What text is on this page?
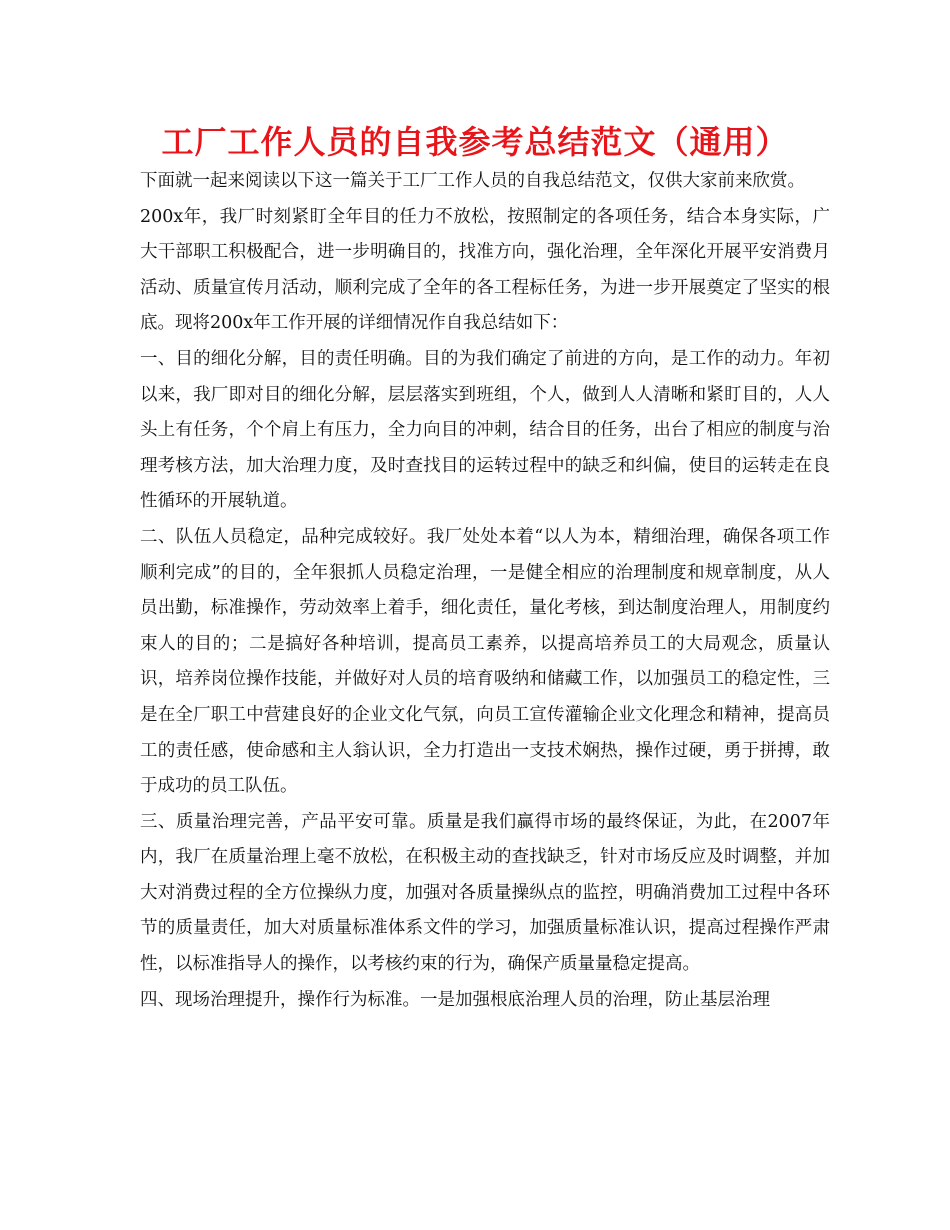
工厂工作人员的自我参考总结范文（通用）

下面就一起来阅读以下这一篇关于工厂工作人员的自我总结范文，仅供大家前来欣赏。

200x年，我厂时刻紧盯全年目的任力不放松，按照制定的各项任务，结合本身实际，广大干部职工积极配合，进一步明确目的，找准方向，强化治理，全年深化开展平安消费月活动、质量宣传月活动，顺利完成了全年的各工程标任务，为进一步开展奠定了坚实的根底。现将200x年工作开展的详细情况作自我总结如下：

一、目的细化分解，目的责任明确。目的为我们确定了前进的方向，是工作的动力。年初以来，我厂即对目的细化分解，层层落实到班组，个人，做到人人清晰和紧盯目的，人人头上有任务，个个肩上有压力，全力向目的冲刺，结合目的任务，出台了相应的制度与治理考核方法，加大治理力度，及时查找目的运转过程中的缺乏和纠偏，使目的运转走在良性循环的开展轨道。

二、队伍人员稳定，品种完成较好。我厂处处本着“以人为本，精细治理，确保各项工作顺利完成”的目的，全年狠抓人员稳定治理，一是健全相应的治理制度和规章制度，从人员出勤，标准操作，劳动效率上着手，细化责任，量化考核，到达制度治理人，用制度约束人的目的；二是搞好各种培训，提高员工素养，以提高培养员工的大局观念，质量认识，培养岗位操作技能，并做好对人员的培育吸纳和储藏工作，以加强员工的稳定性，三是在全厂职工中营建良好的企业文化气氛，向员工宣传灌输企业文化理念和精神，提高员工的责任感，使命感和主人翁认识，全力打造出一支技术娴热，操作过硬，勇于拼搏，敢于成功的员工队伍。

三、质量治理完善，产品平安可靠。质量是我们赢得市场的最终保证，为此，在2007年内，我厂在质量治理上毫不放松，在积极主动的查找缺乏，针对市场反应及时调整，并加大对消费过程的全方位操纵力度，加强对各质量操纵点的监控，明确消费加工过程中各环节的质量责任，加大对质量标准体系文件的学习，加强质量标准认识，提高过程操作严肃性，以标准指导人的操作，以考核约束的行为，确保产质量量稳定提高。

四、现场治理提升，操作行为标准。一是加强根底治理人员的治理，防止基层治理
